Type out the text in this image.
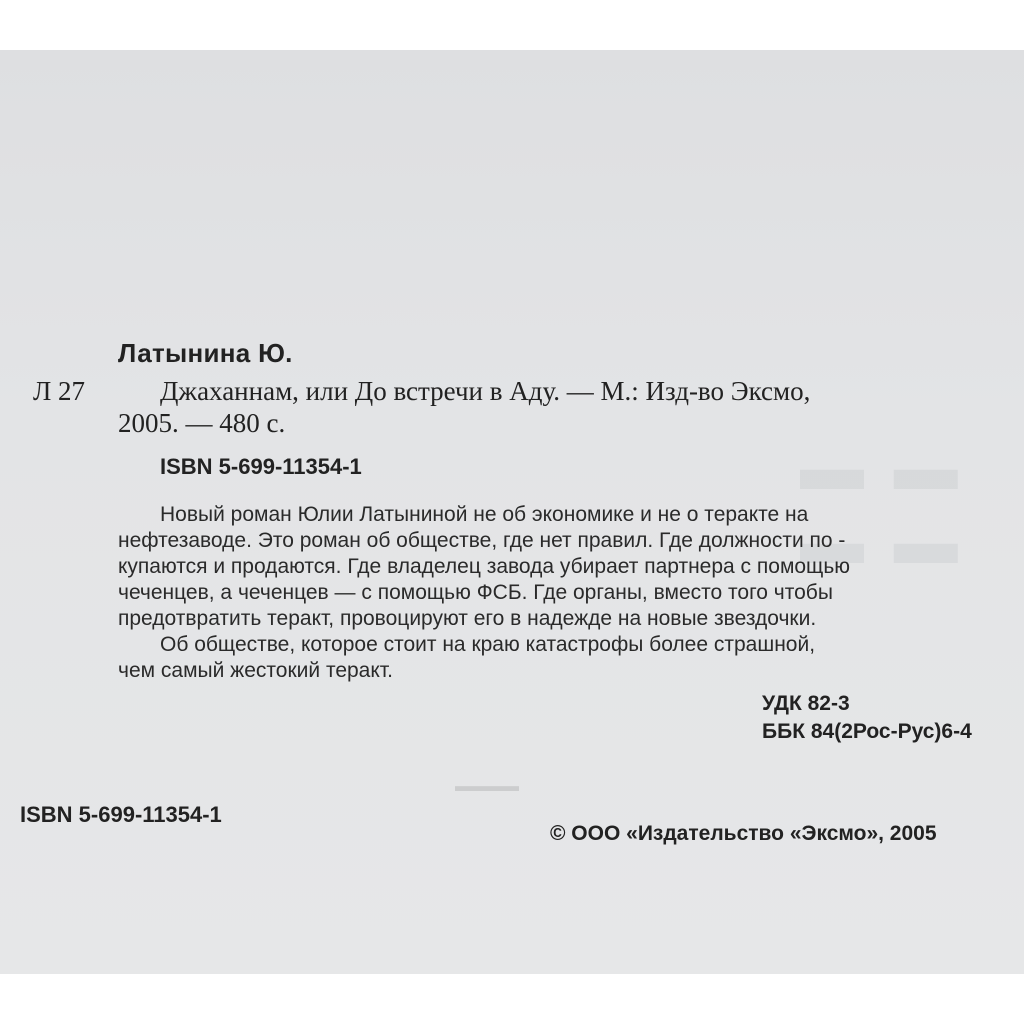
▬ ▬ ▬ ▬
▬▬▬▬
Латынина Ю.
Л 27	Джаханнам, или До встречи в Аду. — М.: Изд-во Эксмо,
2005. — 480 с.
ISBN 5-699-11354-1
Новый роман Юлии Латыниной не об экономике и не о теракте на
нефтезаводе. Это роман об обществе, где нет правил. Где должности по -
купаются и продаются. Где владелец завода убирает партнера с помощью
чеченцев, а чеченцев — с помощью ФСБ. Где органы, вместо того чтобы
предотвратить теракт, провоцируют его в надежде на новые звездочки.
Об обществе, которое стоит на краю катастрофы более страшной,
чем самый жестокий теракт.
УДК 82-3
ББК 84(2Рос-Рус)6-4
ISBN 5-699-11354-1
© ООО «Издательство «Эксмо», 2005
